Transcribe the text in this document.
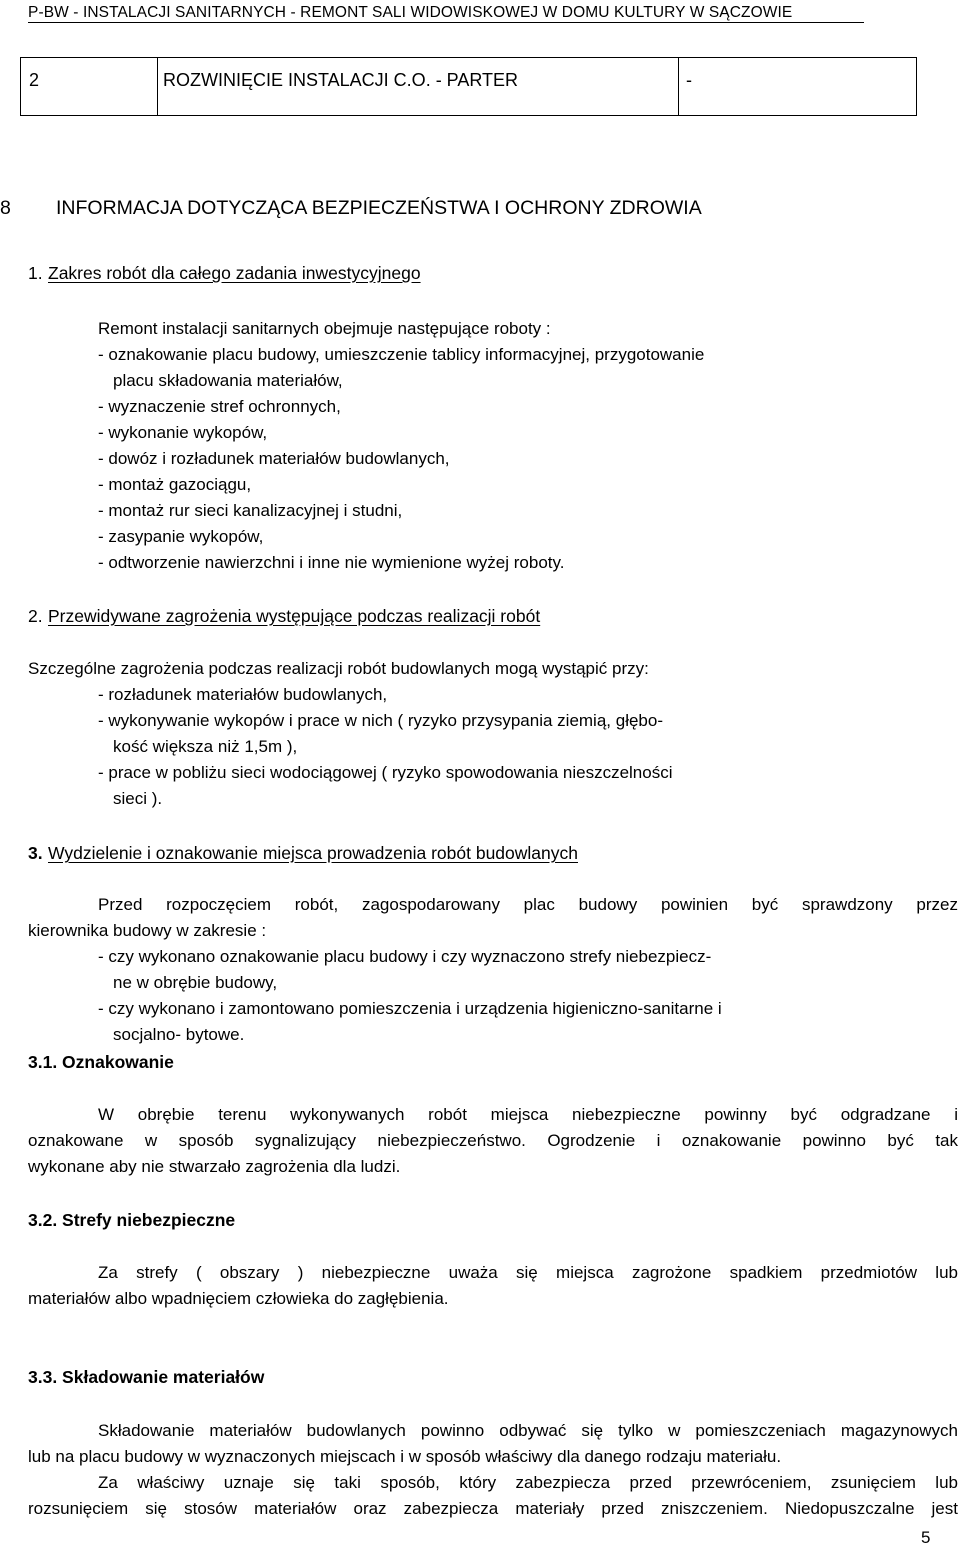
P-BW - INSTALACJI SANITARNYCH - REMONT SALI WIDOWISKOWEJ W DOMU KULTURY W SĄCZOWIE
2	ROZWINIĘCIE INSTALACJI C.O. - PARTER	-
8 INFORMACJA DOTYCZĄCA BEZPIECZEŃSTWA I OCHRONY ZDROWIA
1. Zakres robót dla całego zadania inwestycyjnego
Remont instalacji sanitarnych obejmuje następujące roboty :
- oznakowanie placu budowy, umieszczenie tablicy informacyjnej, przygotowanie
placu składowania materiałów,
- wyznaczenie stref ochronnych,
- wykonanie wykopów,
- dowóz i rozładunek materiałów budowlanych,
- montaż gazociągu,
- montaż rur sieci kanalizacyjnej i studni,
- zasypanie wykopów,
- odtworzenie nawierzchni i inne nie wymienione wyżej roboty.
2. Przewidywane zagrożenia występujące podczas realizacji robót
Szczególne zagrożenia podczas realizacji robót budowlanych mogą wystąpić przy:
- rozładunek materiałów budowlanych,
- wykonywanie wykopów i prace w nich ( ryzyko przysypania ziemią, głębo-
kość większa niż 1,5m ),
- prace w pobliżu sieci wodociągowej ( ryzyko spowodowania nieszczelności
sieci ).
3. Wydzielenie i oznakowanie miejsca prowadzenia robót budowlanych
Przed rozpoczęciem robót, zagospodarowany plac budowy powinien być sprawdzony przez
kierownika budowy w zakresie :
- czy wykonano oznakowanie placu budowy i czy wyznaczono strefy niebezpiecz-
ne w obrębie budowy,
- czy wykonano i zamontowano pomieszczenia i urządzenia higieniczno-sanitarne i
socjalno- bytowe.
3.1. Oznakowanie
W obrębie terenu wykonywanych robót miejsca niebezpieczne powinny być odgradzane i
oznakowane w sposób sygnalizujący niebezpieczeństwo. Ogrodzenie i oznakowanie powinno być tak
wykonane aby nie stwarzało zagrożenia dla ludzi.
3.2. Strefy niebezpieczne
Za strefy ( obszary ) niebezpieczne uważa się miejsca zagrożone spadkiem przedmiotów lub
materiałów albo wpadnięciem człowieka do zagłębienia.
3.3. Składowanie materiałów
Składowanie materiałów budowlanych powinno odbywać się tylko w pomieszczeniach magazynowych
lub na placu budowy w wyznaczonych miejscach i w sposób właściwy dla danego rodzaju materiału.
Za właściwy uznaje się taki sposób, który zabezpiecza przed przewróceniem, zsunięciem lub
rozsunięciem się stosów materiałów oraz zabezpiecza materiały przed zniszczeniem. Niedopuszczalne jest
5
